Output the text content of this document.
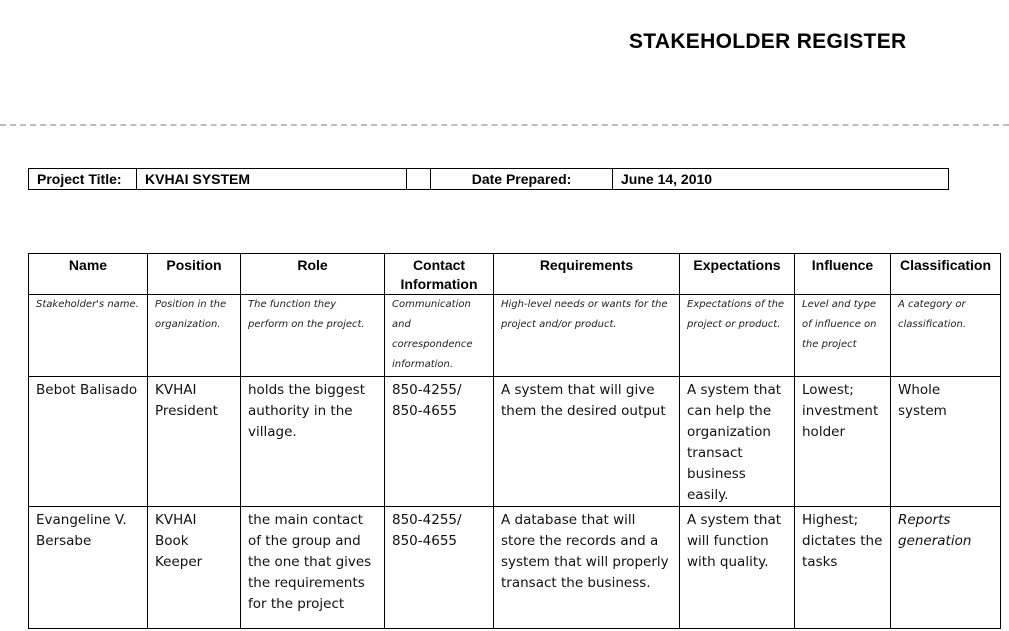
STAKEHOLDER REGISTER
Project Title:	KVHAI SYSTEM	Date Prepared:	June 14, 2010
Name	Position	Role	Contact Information	Requirements	Expectations	Influence	Classification
Stakeholder's name.	Position in the organization.	The function they perform on the project.	Communication and correspondence information.	High-level needs or wants for the project and/or product.	Expectations of the project or product.	Level and type of influence on the project	A category or classification.
Bebot Balisado	KVHAI President	holds the biggest authority in the village.	850-4255/ 850-4655	A system that will give them the desired output	A system that can help the organization transact business easily.	Lowest; investment holder	Whole system
Evangeline V. Bersabe	KVHAI Book Keeper	the main contact of the group and the one that gives the requirements for the project	850-4255/ 850-4655	A database that will store the records and a system that will properly transact the business.	A system that will function with quality.	Highest; dictates the tasks	Reports generation
